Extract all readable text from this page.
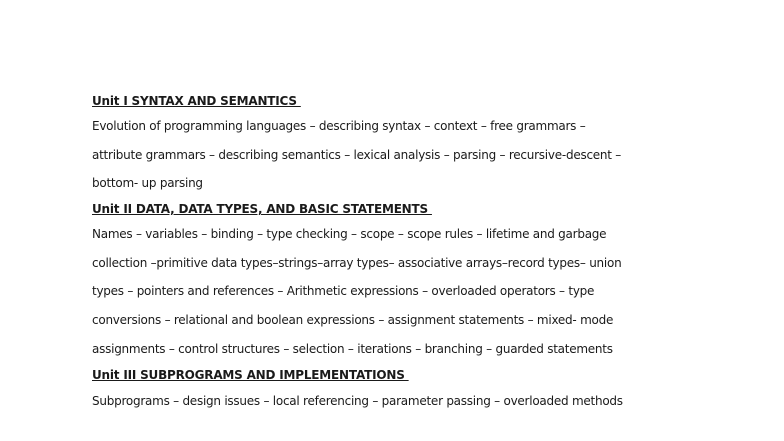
Unit I SYNTAX AND SEMANTICS
Evolution of programming languages – describing syntax – context – free grammars –
attribute grammars – describing semantics – lexical analysis – parsing – recursive-descent –
bottom- up parsing
Unit II DATA, DATA TYPES, AND BASIC STATEMENTS
Names – variables – binding – type checking – scope – scope rules – lifetime and garbage
collection –primitive data types–strings–array types– associative arrays–record types– union
types – pointers and references – Arithmetic expressions – overloaded operators – type
conversions – relational and boolean expressions – assignment statements – mixed- mode
assignments – control structures – selection – iterations – branching – guarded statements
Unit III SUBPROGRAMS AND IMPLEMENTATIONS
Subprograms – design issues – local referencing – parameter passing – overloaded methods
